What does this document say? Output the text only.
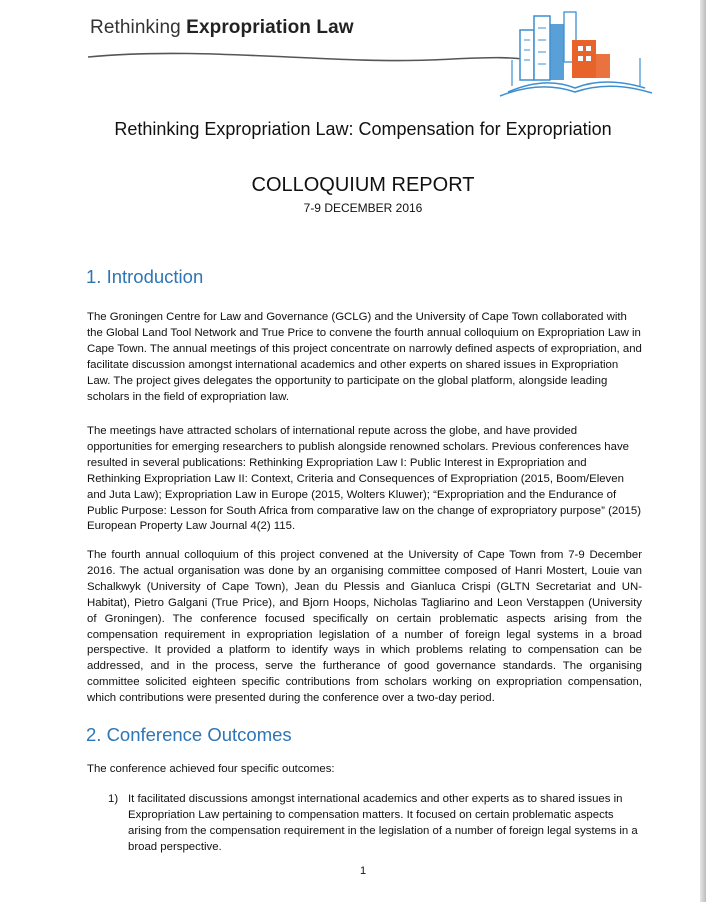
Rethinking Expropriation Law
Rethinking Expropriation Law: Compensation for Expropriation
COLLOQUIUM REPORT
7-9 DECEMBER 2016
1. Introduction

The Groningen Centre for Law and Governance (GCLG) and the University of Cape Town collaborated with the Global Land Tool Network and True Price to convene the fourth annual colloquium on Expropriation Law in Cape Town. The annual meetings of this project concentrate on narrowly defined aspects of expropriation, and facilitate discussion amongst international academics and other experts on shared issues in Expropriation Law. The project gives delegates the opportunity to participate on the global platform, alongside leading scholars in the field of expropriation law.

The meetings have attracted scholars of international repute across the globe, and have provided opportunities for emerging researchers to publish alongside renowned scholars. Previous conferences have resulted in several publications: Rethinking Expropriation Law I: Public Interest in Expropriation and Rethinking Expropriation Law II: Context, Criteria and Consequences of Expropriation (2015, Boom/Eleven and Juta Law); Expropriation Law in Europe (2015, Wolters Kluwer); “Expropriation and the Endurance of Public Purpose: Lesson for South Africa from comparative law on the change of expropriatory purpose” (2015) European Property Law Journal 4(2) 115.

The fourth annual colloquium of this project convened at the University of Cape Town from 7-9 December 2016. The actual organisation was done by an organising committee composed of Hanri Mostert, Louie van Schalkwyk (University of Cape Town), Jean du Plessis and Gianluca Crispi (GLTN Secretariat and UN-Habitat), Pietro Galgani (True Price), and Bjorn Hoops, Nicholas Tagliarino and Leon Verstappen (University of Groningen). The conference focused specifically on certain problematic aspects arising from the compensation requirement in expropriation legislation of a number of foreign legal systems in a broad perspective. It provided a platform to identify ways in which problems relating to compensation can be addressed, and in the process, serve the furtherance of good governance standards. The organising committee solicited eighteen specific contributions from scholars working on expropriation compensation, which contributions were presented during the conference over a two-day period.

2. Conference Outcomes

The conference achieved four specific outcomes:

1) It facilitated discussions amongst international academics and other experts as to shared issues in Expropriation Law pertaining to compensation matters. It focused on certain problematic aspects arising from the compensation requirement in the legislation of a number of foreign legal systems in a broad perspective.
1
